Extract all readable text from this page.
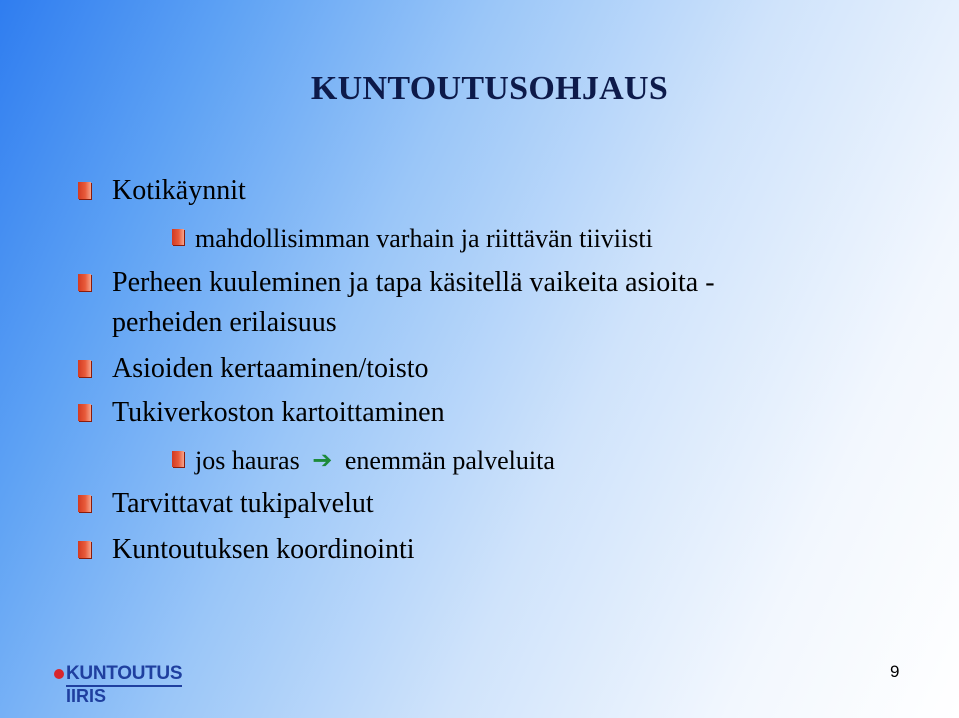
KUNTOUTUSOHJAUS
Kotikäynnit
mahdollisimman varhain ja riittävän tiiviisti
Perheen kuuleminen ja tapa käsitellä vaikeita asioita -
perheiden erilaisuus
Asioiden kertaaminen/toisto
Tukiverkoston kartoittaminen
jos hauras ➔ enemmän palveluita
Tarvittavat tukipalvelut
Kuntoutuksen koordinointi
KUNTOUTUS
IIRIS
9
